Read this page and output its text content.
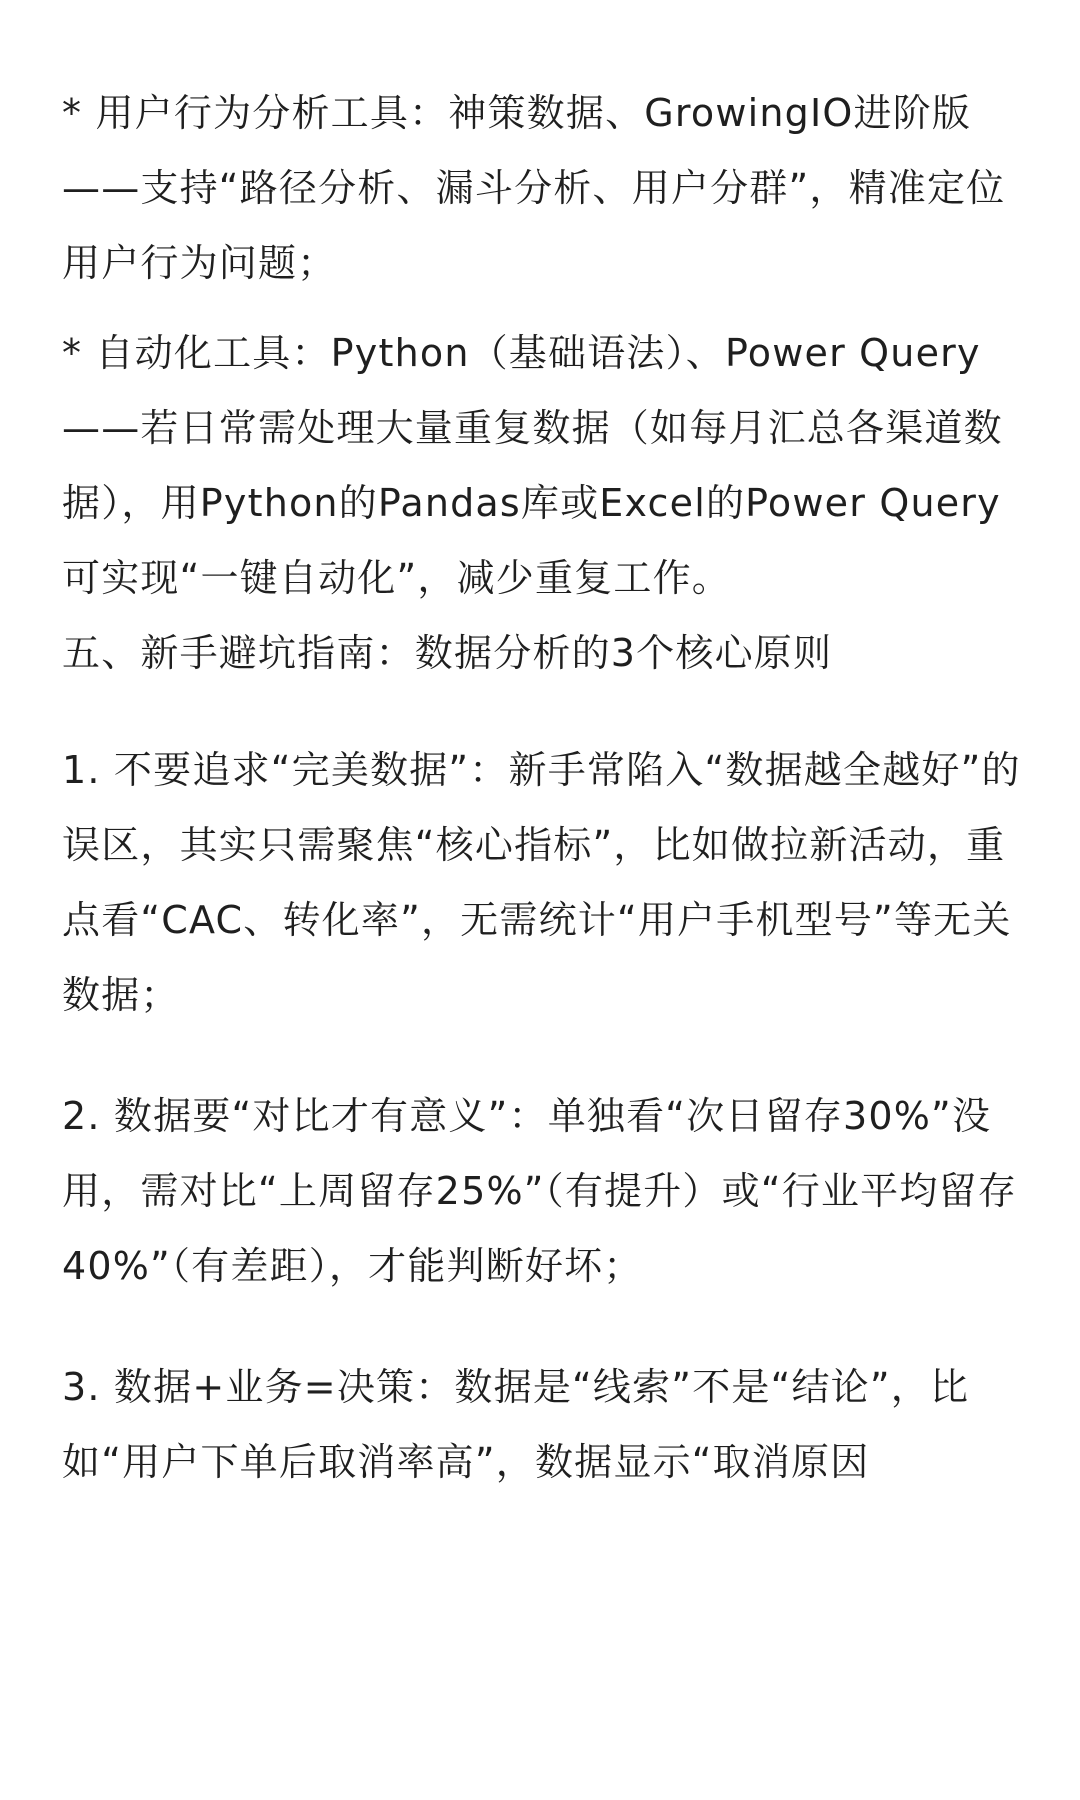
* 用户行为分析工具：神策数据、GrowingIO进阶版——支持“路径分析、漏斗分析、用户分群”，精准定位用户行为问题；

* 自动化工具：Python（基础语法）、Power Query——若日常需处理大量重复数据（如每月汇总各渠道数据），用Python的Pandas库或Excel的Power Query可实现“一键自动化”，减少重复工作。

五、新手避坑指南：数据分析的3个核心原则

1. 不要追求“完美数据”：新手常陷入“数据越全越好”的误区，其实只需聚焦“核心指标”，比如做拉新活动，重点看“CAC、转化率”，无需统计“用户手机型号”等无关数据；

2. 数据要“对比才有意义”：单独看“次日留存30%”没用，需对比“上周留存25%”（有提升）或“行业平均留存40%”（有差距），才能判断好坏；

3. 数据+业务=决策：数据是“线索”不是“结论”，比如“用户下单后取消率高”，数据显示“取消原因
